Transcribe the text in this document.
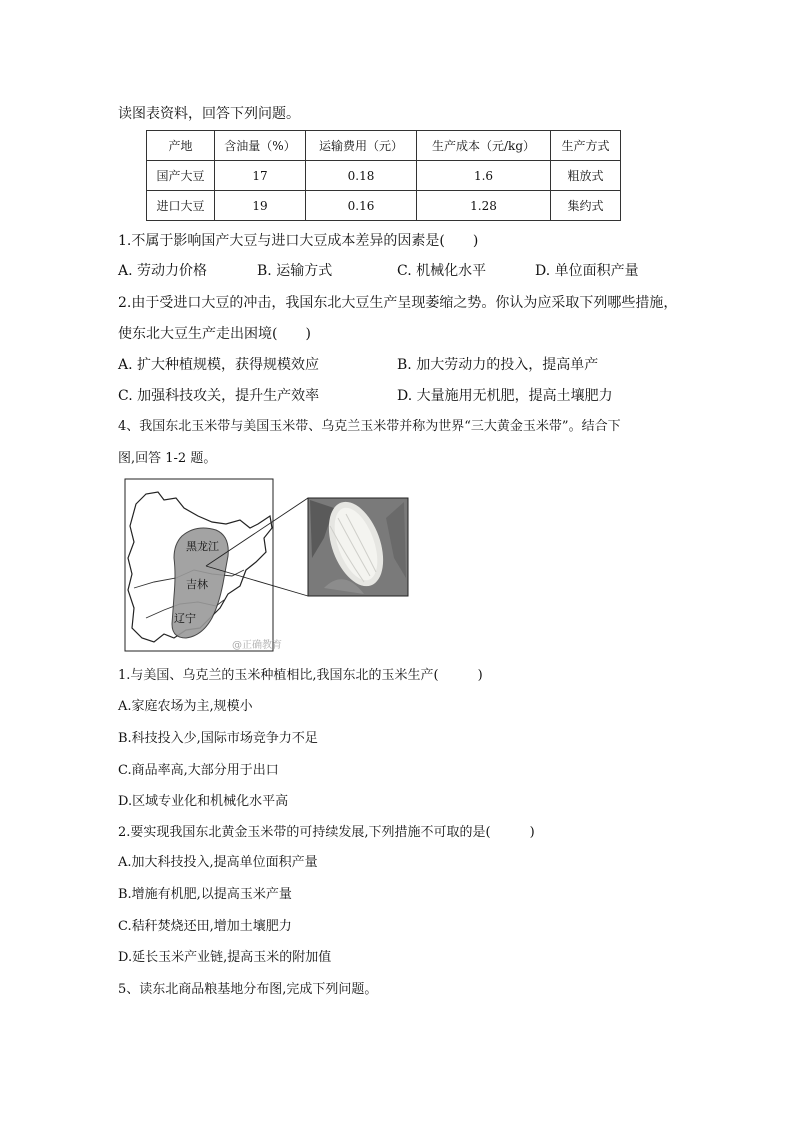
读图表资料，回答下列问题。
产地	含油量（%）	运输费用（元）	生产成本（元/kg）	生产方式
国产大豆	17	0.18	1.6	粗放式
进口大豆	19	0.16	1.28	集约式
1.不属于影响国产大豆与进口大豆成本差异的因素是(　　)
A. 劳动力价格	B. 运输方式	C. 机械化水平	D. 单位面积产量
2.由于受进口大豆的冲击，我国东北大豆生产呈现萎缩之势。你认为应采取下列哪些措施，
使东北大豆生产走出困境(　　)
A. 扩大种植规模，获得规模效应	B. 加大劳动力的投入，提高单产
C. 加强科技攻关，提升生产效率	D. 大量施用无机肥，提高土壤肥力
4、我国东北玉米带与美国玉米带、乌克兰玉米带并称为世界“三大黄金玉米带”。结合下
图,回答 1-2 题。
黑龙江
吉林
辽宁
@正确教育
1.与美国、乌克兰的玉米种植相比,我国东北的玉米生产(　　　)
A.家庭农场为主,规模小
B.科技投入少,国际市场竞争力不足
C.商品率高,大部分用于出口
D.区域专业化和机械化水平高
2.要实现我国东北黄金玉米带的可持续发展,下列措施不可取的是(　　　)
A.加大科技投入,提高单位面积产量
B.增施有机肥,以提高玉米产量
C.秸秆焚烧还田,增加土壤肥力
D.延长玉米产业链,提高玉米的附加值
5、读东北商品粮基地分布图,完成下列问题。
